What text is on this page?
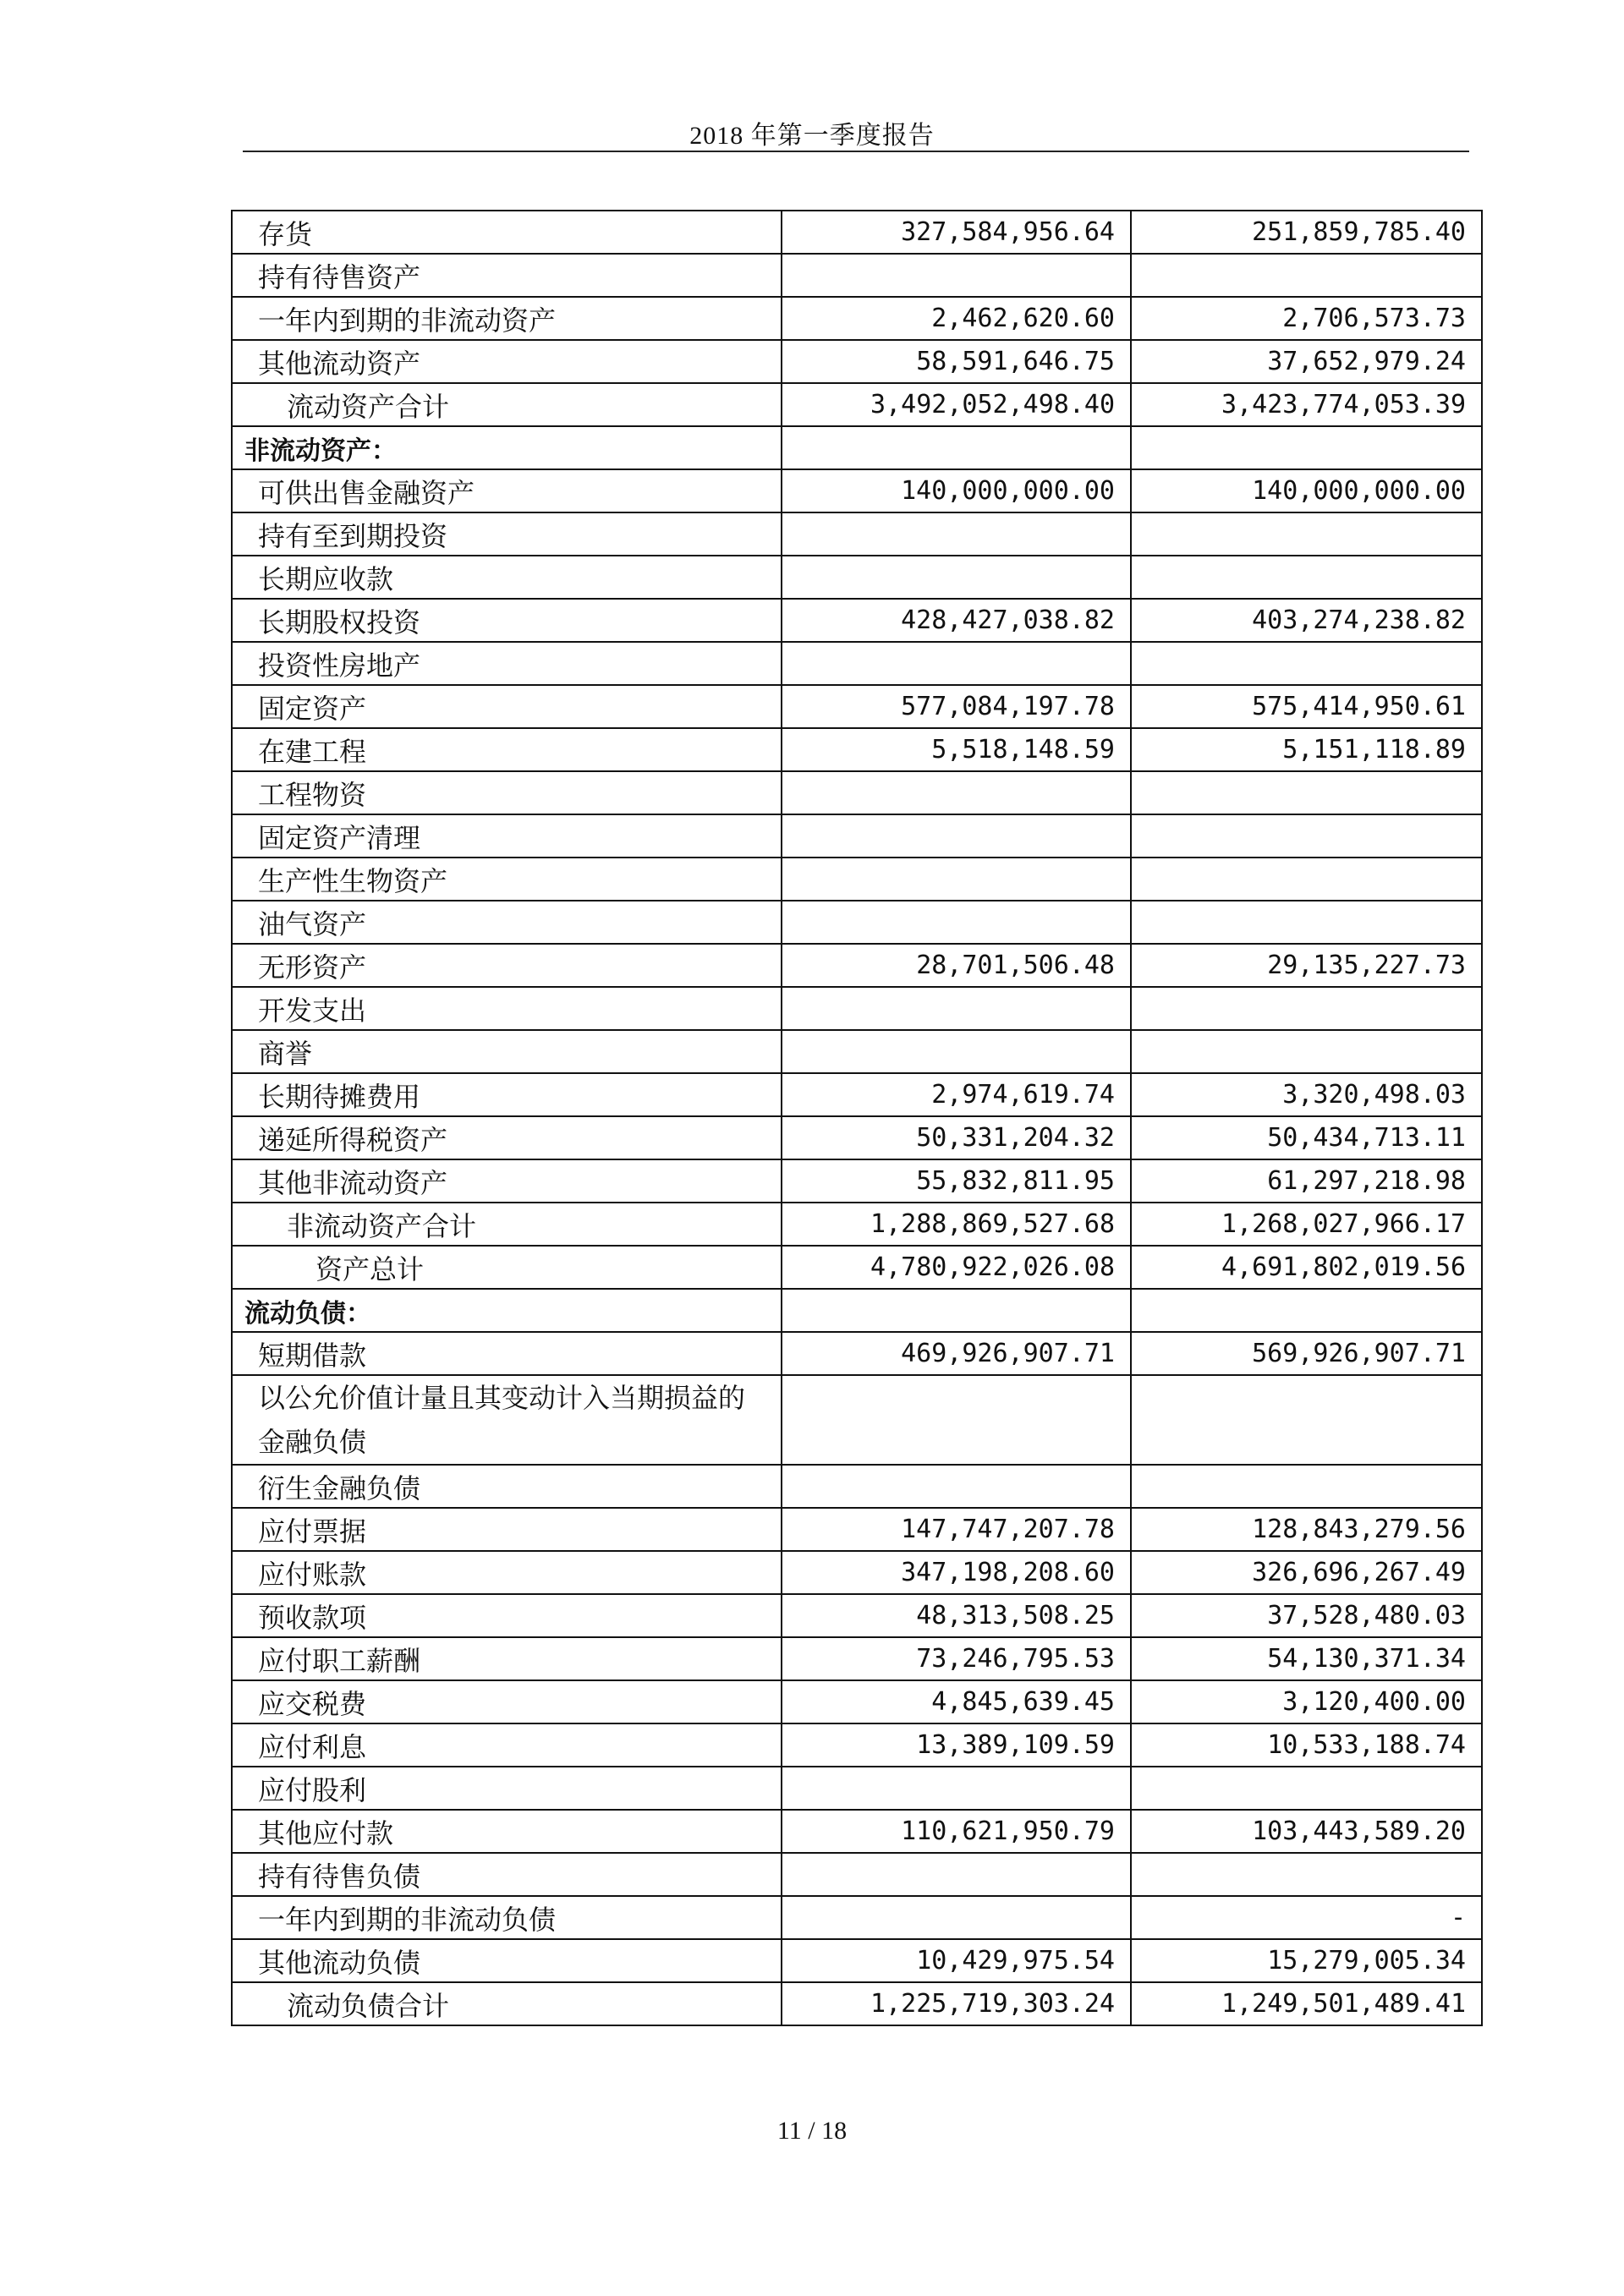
2018 年第一季度报告
存货	327,584,956.64	251,859,785.40
持有待售资产		
一年内到期的非流动资产	2,462,620.60	2,706,573.73
其他流动资产	58,591,646.75	37,652,979.24
流动资产合计	3,492,052,498.40	3,423,774,053.39
非流动资产：		
可供出售金融资产	140,000,000.00	140,000,000.00
持有至到期投资		
长期应收款		
长期股权投资	428,427,038.82	403,274,238.82
投资性房地产		
固定资产	577,084,197.78	575,414,950.61
在建工程	5,518,148.59	5,151,118.89
工程物资		
固定资产清理		
生产性生物资产		
油气资产		
无形资产	28,701,506.48	29,135,227.73
开发支出		
商誉		
长期待摊费用	2,974,619.74	3,320,498.03
递延所得税资产	50,331,204.32	50,434,713.11
其他非流动资产	55,832,811.95	61,297,218.98
非流动资产合计	1,288,869,527.68	1,268,027,966.17
资产总计	4,780,922,026.08	4,691,802,019.56
流动负债：		
短期借款	469,926,907.71	569,926,907.71
以公允价值计量且其变动计入当期损益的金融负债		
衍生金融负债		
应付票据	147,747,207.78	128,843,279.56
应付账款	347,198,208.60	326,696,267.49
预收款项	48,313,508.25	37,528,480.03
应付职工薪酬	73,246,795.53	54,130,371.34
应交税费	4,845,639.45	3,120,400.00
应付利息	13,389,109.59	10,533,188.74
应付股利		
其他应付款	110,621,950.79	103,443,589.20
持有待售负债		
一年内到期的非流动负债		-
其他流动负债	10,429,975.54	15,279,005.34
流动负债合计	1,225,719,303.24	1,249,501,489.41
11 / 18
